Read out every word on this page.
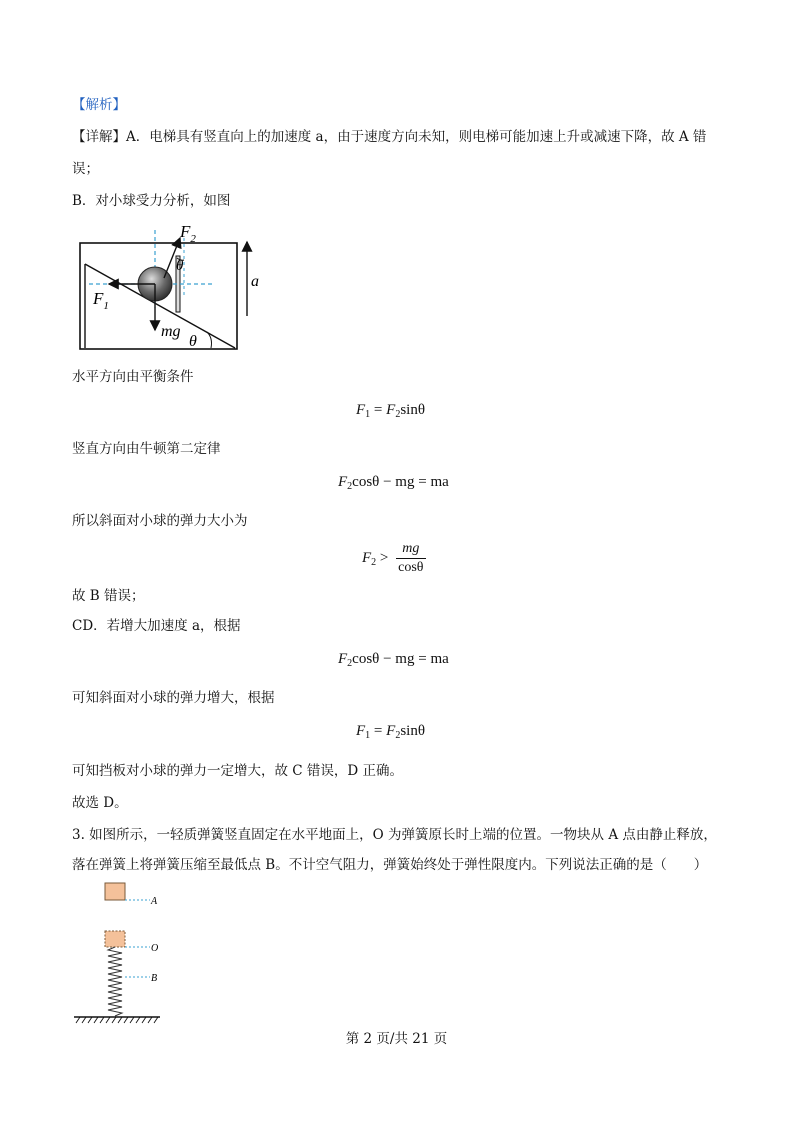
【解析】
【详解】A．电梯具有竖直向上的加速度 a，由于速度方向未知，则电梯可能加速上升或减速下降，故 A 错
误；
B．对小球受力分析，如图
$F_2$
θ
$F_1$
mg
θ
a
水平方向由平衡条件
$F_1 = F_2\sin\theta$
竖直方向由牛顿第二定律
$F_2\cos\theta$ − mg = ma
所以斜面对小球的弹力大小为
$F_2 > \frac{mg}{\cos\theta}$
故 B 错误；
CD．若增大加速度 a，根据
$F_2\cos\theta$ − mg = ma
可知斜面对小球的弹力增大，根据
$F_1 = F_2\sin\theta$
可知挡板对小球的弹力一定增大，故 C 错误，D 正确。
故选 D。
3. 如图所示，一轻质弹簧竖直固定在水平地面上，O 为弹簧原长时上端的位置。一物块从 A 点由静止释放，
落在弹簧上将弹簧压缩至最低点 B。不计空气阻力，弹簧始终处于弹性限度内。下列说法正确的是（　　）
A
O
B
第 2 页/共 21 页
